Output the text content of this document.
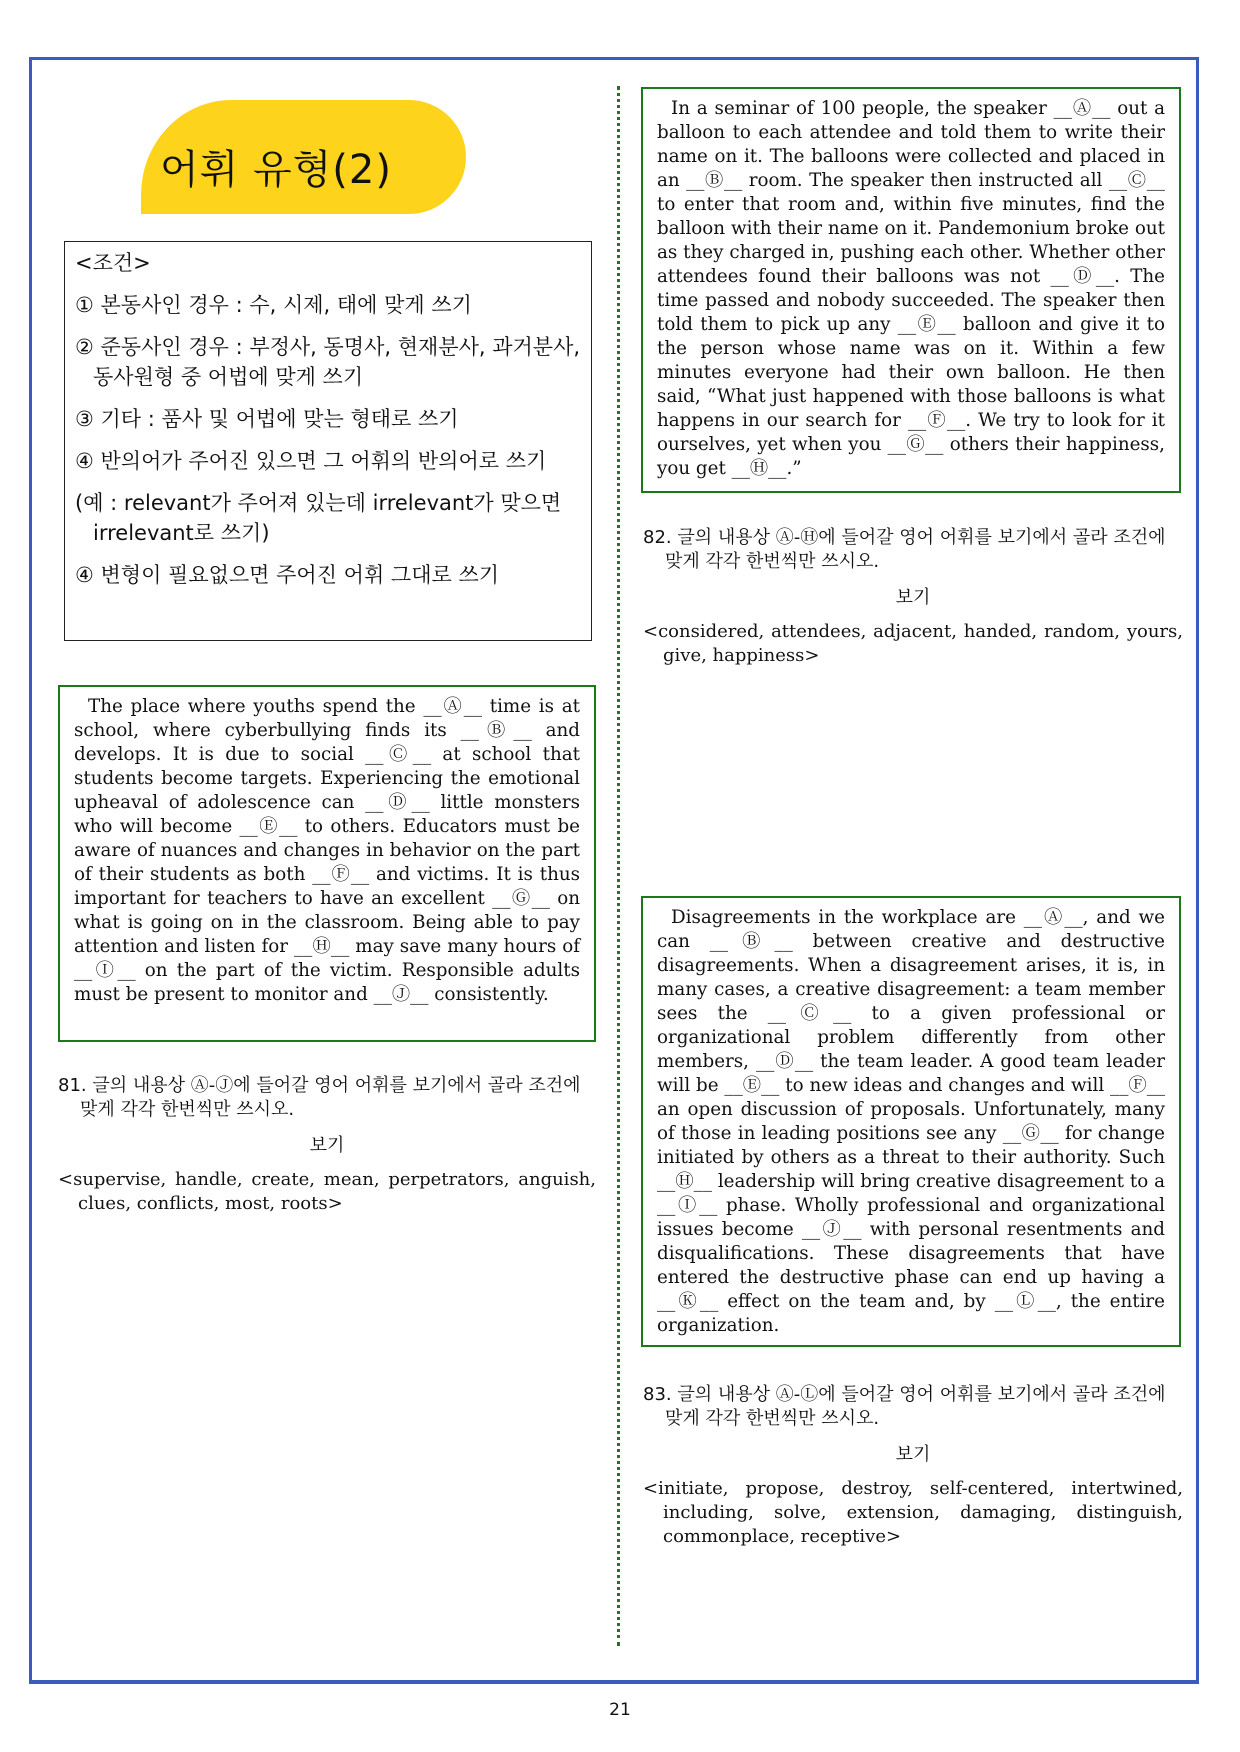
어휘 유형(2)
<조건>
① 본동사인 경우 : 수, 시제, 태에 맞게 쓰기
② 준동사인 경우 : 부정사, 동명사, 현재분사, 과거분사, 동사원형 중 어법에 맞게 쓰기
③ 기타 : 품사 및 어법에 맞는 형태로 쓰기
④ 반의어가 주어진 있으면 그 어휘의 반의어로 쓰기
(예 : relevant가 주어져 있는데 irrelevant가 맞으면 irrelevant로 쓰기)
④ 변형이 필요없으면 주어진 어휘 그대로 쓰기

The place where youths spend the __Ⓐ__ time is at school, where cyberbullying finds its __Ⓑ__ and develops. It is due to social __Ⓒ__ at school that students become targets. Experiencing the emotional upheaval of adolescence can __Ⓓ__ little monsters who will become __Ⓔ__ to others. Educators must be aware of nuances and changes in behavior on the part of their students as both __Ⓕ__ and victims. It is thus important for teachers to have an excellent __Ⓖ__ on what is going on in the classroom. Being able to pay attention and listen for __Ⓗ__ may save many hours of __Ⓘ__ on the part of the victim. Responsible adults must be present to monitor and __Ⓙ__ consistently.

81. 글의 내용상 Ⓐ-Ⓙ에 들어갈 영어 어휘를 보기에서 골라 조건에 맞게 각각 한번씩만 쓰시오.
보기
<supervise, handle, create, mean, perpetrators, anguish, clues, conflicts, most, roots>

In a seminar of 100 people, the speaker __Ⓐ__ out a balloon to each attendee and told them to write their name on it. The balloons were collected and placed in an __Ⓑ__ room. The speaker then instructed all __Ⓒ__ to enter that room and, within five minutes, find the balloon with their name on it. Pandemonium broke out as they charged in, pushing each other. Whether other attendees found their balloons was not __Ⓓ__. The time passed and nobody succeeded. The speaker then told them to pick up any __Ⓔ__ balloon and give it to the person whose name was on it. Within a few minutes everyone had their own balloon. He then said, “What just happened with those balloons is what happens in our search for __Ⓕ__. We try to look for it ourselves, yet when you __Ⓖ__ others their happiness, you get __Ⓗ__.”

82. 글의 내용상 Ⓐ-Ⓗ에 들어갈 영어 어휘를 보기에서 골라 조건에 맞게 각각 한번씩만 쓰시오.
보기
<considered, attendees, adjacent, handed, random, yours, give, happiness>

Disagreements in the workplace are __Ⓐ__, and we can __Ⓑ__ between creative and destructive disagreements. When a disagreement arises, it is, in many cases, a creative disagreement: a team member sees the __Ⓒ__ to a given professional or organizational problem differently from other members, __Ⓓ__ the team leader. A good team leader will be __Ⓔ__ to new ideas and changes and will __Ⓕ__ an open discussion of proposals. Unfortunately, many of those in leading positions see any __Ⓖ__ for change initiated by others as a threat to their authority. Such __Ⓗ__ leadership will bring creative disagreement to a __Ⓘ__ phase. Wholly professional and organizational issues become __Ⓙ__ with personal resentments and disqualifications. These disagreements that have entered the destructive phase can end up having a __Ⓚ__ effect on the team and, by __Ⓛ__, the entire organization.

83. 글의 내용상 Ⓐ-Ⓛ에 들어갈 영어 어휘를 보기에서 골라 조건에 맞게 각각 한번씩만 쓰시오.
보기
<initiate, propose, destroy, self-centered, intertwined, including, solve, extension, damaging, distinguish, commonplace, receptive>
21
